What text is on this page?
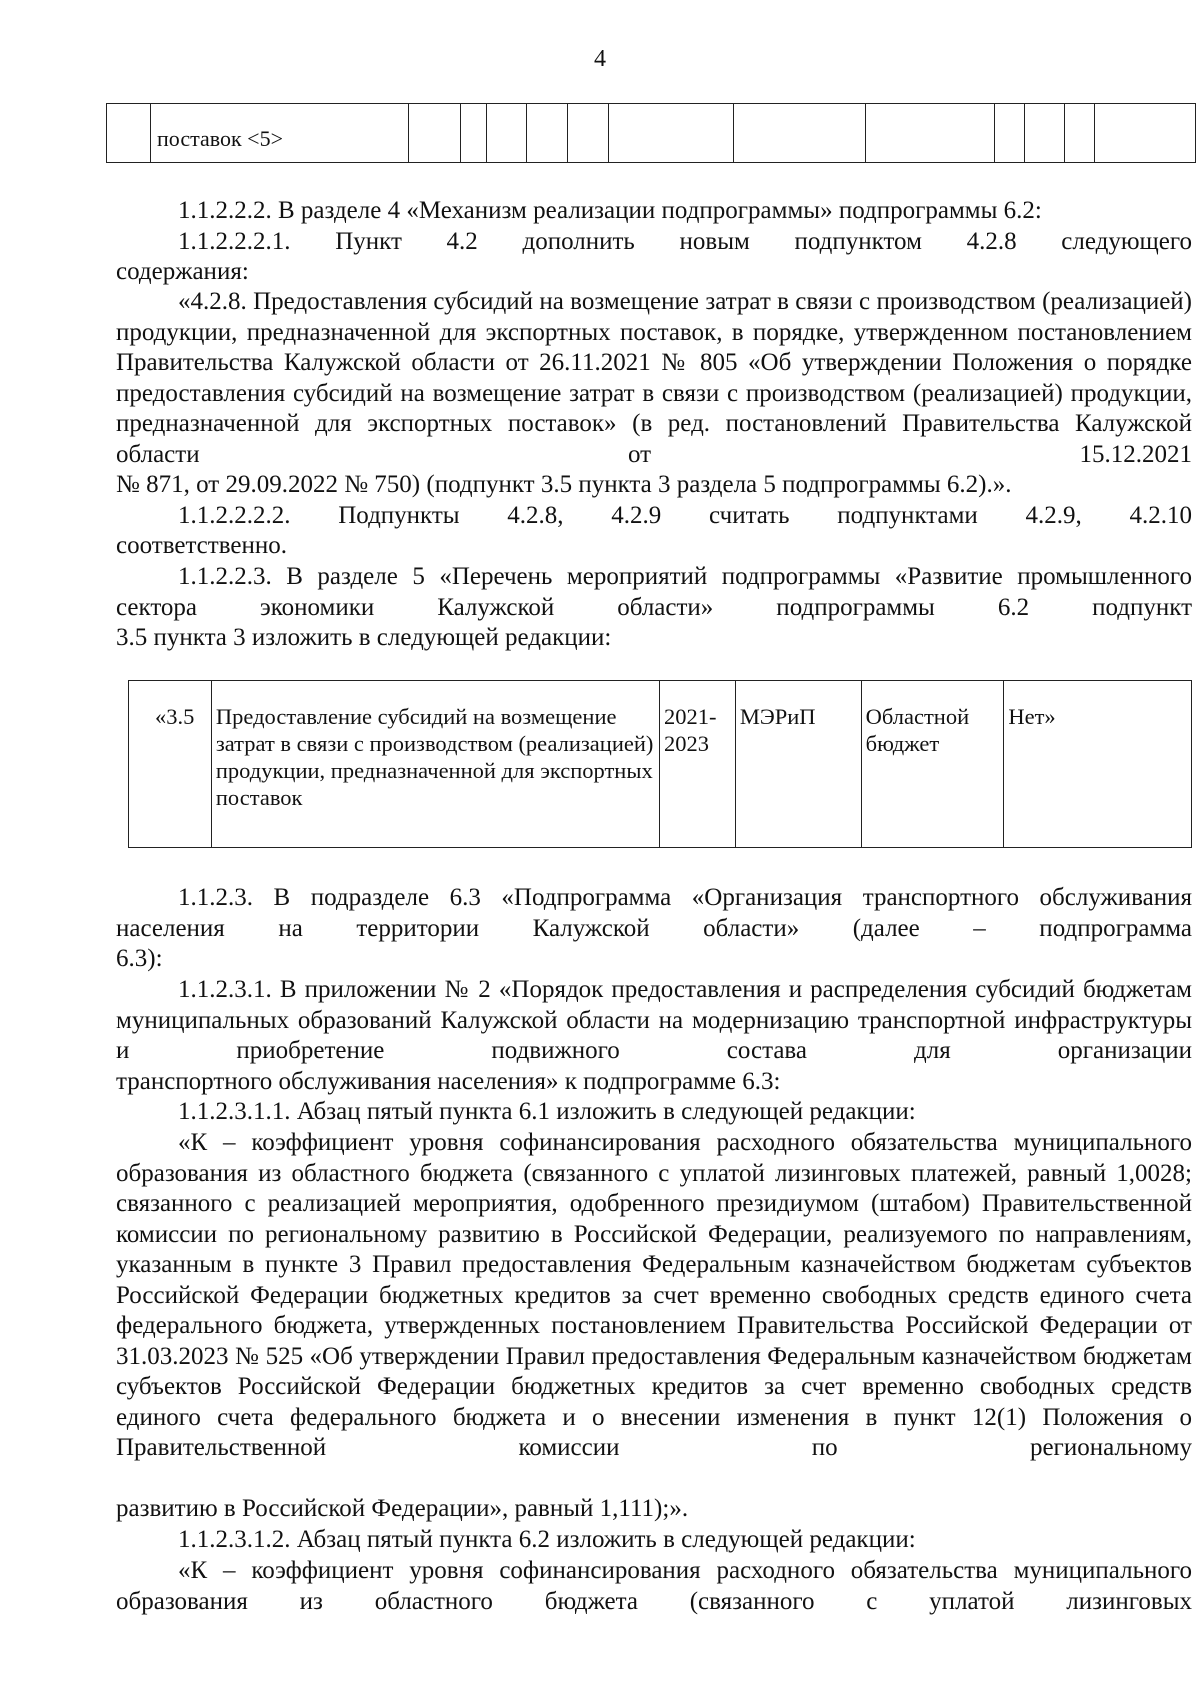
4
поставок <5>

1.1.2.2.2. В разделе 4 «Механизм реализации подпрограммы» подпрограммы 6.2:

1.1.2.2.2.1. Пункт 4.2 дополнить новым подпунктом 4.2.8 следующего

содержания:

«4.2.8. Предоставления субсидий на возмещение затрат в связи с производством (реализацией) продукции, предназначенной для экспортных поставок, в порядке, утвержденном постановлением Правительства Калужской области от 26.11.2021 № 805 «Об утверждении Положения о порядке предоставления субсидий на возмещение затрат в связи с производством (реализацией) продукции, предназначенной для экспортных поставок» (в ред. постановлений Правительства Калужской области от 15.12.2021

№ 871, от 29.09.2022 № 750) (подпункт 3.5 пункта 3 раздела 5 подпрограммы 6.2).».

1.1.2.2.2.2. Подпункты 4.2.8, 4.2.9 считать подпунктами 4.2.9, 4.2.10

соответственно.

1.1.2.2.3. В разделе 5 «Перечень мероприятий подпрограммы «Развитие промышленного сектора экономики Калужской области» подпрограммы 6.2 подпункт

3.5 пункта 3 изложить в следующей редакции:

«3.5 Предоставление субсидий на возмещение затрат в связи с производством (реализацией) продукции, предназначенной для экспортных поставок
2021-2023
МЭРиП	Областной бюджет
Нет»

1.1.2.3. В подразделе 6.3 «Подпрограмма «Организация транспортного обслуживания населения на территории Калужской области» (далее – подпрограмма

6.3):

1.1.2.3.1. В приложении № 2 «Порядок предоставления и распределения субсидий бюджетам муниципальных образований Калужской области на модернизацию транспортной инфраструктуры и приобретение подвижного состава для организации

транспортного обслуживания населения» к подпрограмме 6.3:

1.1.2.3.1.1. Абзац пятый пункта 6.1 изложить в следующей редакции:

«К – коэффициент уровня софинансирования расходного обязательства муниципального образования из областного бюджета (связанного с уплатой лизинговых платежей, равный 1,0028; связанного с реализацией мероприятия, одобренного президиумом (штабом) Правительственной комиссии по региональному развитию в Российской Федерации, реализуемого по направлениям, указанным в пункте 3 Правил предоставления Федеральным казначейством бюджетам субъектов Российской Федерации бюджетных кредитов за счет временно свободных средств единого счета федерального бюджета, утвержденных постановлением Правительства Российской Федерации от 31.03.2023 № 525 «Об утверждении Правил предоставления Федеральным казначейством бюджетам субъектов Российской Федерации бюджетных кредитов за счет временно свободных средств единого счета федерального бюджета и о внесении изменения в пункт 12(1) Положения о Правительственной комиссии по региональному

развитию в Российской Федерации», равный 1,111);».

1.1.2.3.1.2. Абзац пятый пункта 6.2 изложить в следующей редакции:

«К – коэффициент уровня софинансирования расходного обязательства муниципального образования из областного бюджета (связанного с уплатой лизинговых
